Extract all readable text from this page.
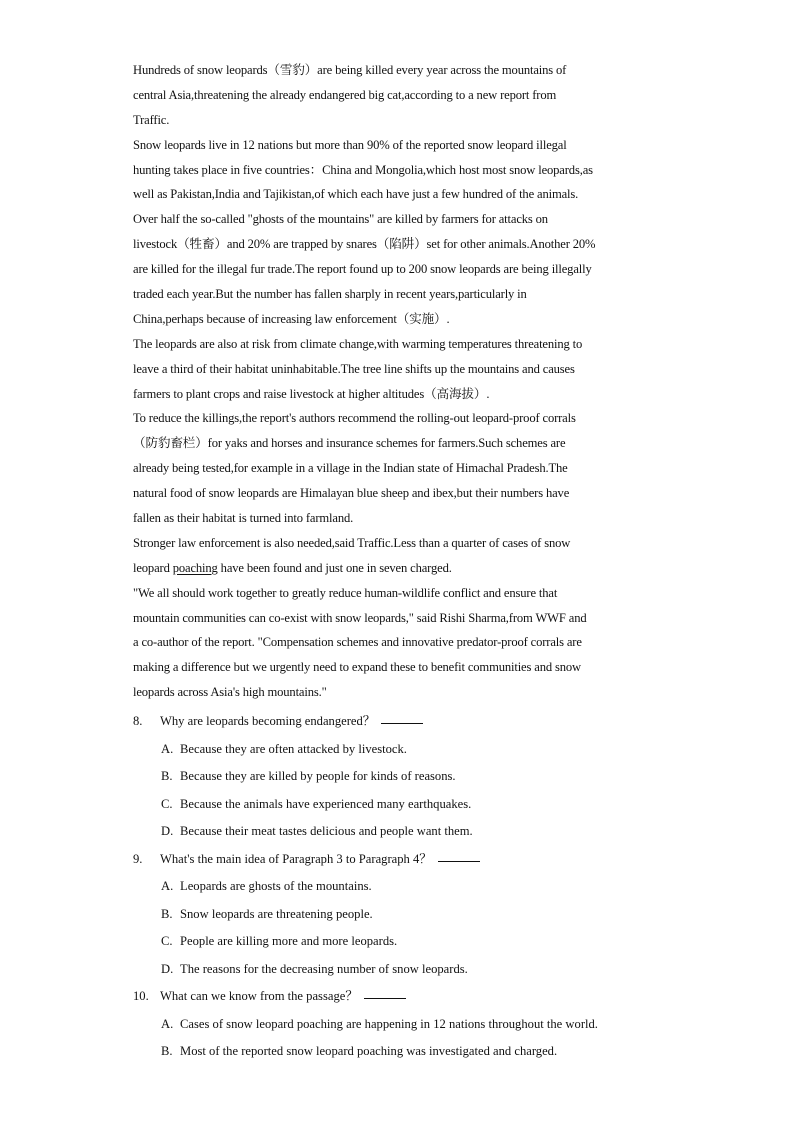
Hundreds of snow leopards（雪豹）are being killed every year across the mountains of
central Asia,threatening the already endangered big cat,according to a new report from
Traffic.
Snow leopards live in 12 nations but more than 90% of the reported snow leopard illegal
hunting takes place in five countries：China and Mongolia,which host most snow leopards,as
well as Pakistan,India and Tajikistan,of which each have just a few hundred of the animals.
Over half the so-called "ghosts of the mountains" are killed by farmers for attacks on
livestock（牲畜）and 20% are trapped by snares（陷阱）set for other animals.Another 20%
are killed for the illegal fur trade.The report found up to 200 snow leopards are being illegally
traded each year.But the number has fallen sharply in recent years,particularly in
China,perhaps because of increasing law enforcement（实施）.
The leopards are also at risk from climate change,with warming temperatures threatening to
leave a third of their habitat uninhabitable.The tree line shifts up the mountains and causes
farmers to plant crops and raise livestock at higher altitudes（高海拔）.
To reduce the killings,the report's authors recommend the rolling-out leopard-proof corrals
（防豹畜栏）for yaks and horses and insurance schemes for farmers.Such schemes are
already being tested,for example in a village in the Indian state of Himachal Pradesh.The
natural food of snow leopards are Himalayan blue sheep and ibex,but their numbers have
fallen as their habitat is turned into farmland.
Stronger law enforcement is also needed,said Traffic.Less than a quarter of cases of snow
leopard poaching have been found and just one in seven charged.
"We all should work together to greatly reduce human-wildlife conflict and ensure that
mountain communities can co-exist with snow leopards," said Rishi Sharma,from WWF and
a co-author of the report. "Compensation schemes and innovative predator-proof corrals are
making a difference but we urgently need to expand these to benefit communities and snow
leopards across Asia's high mountains."
8.	Why are leopards becoming endangered？
A. Because they are often attacked by livestock.
B. Because they are killed by people for kinds of reasons.
C. Because the animals have experienced many earthquakes.
D. Because their meat tastes delicious and people want them.
9.	What's the main idea of Paragraph 3 to Paragraph 4？
A. Leopards are ghosts of the mountains.
B. Snow leopards are threatening people.
C. People are killing more and more leopards.
D. The reasons for the decreasing number of snow leopards.
10. What can we know from the passage？
A. Cases of snow leopard poaching are happening in 12 nations throughout the world.
B. Most of the reported snow leopard poaching was investigated and charged.
